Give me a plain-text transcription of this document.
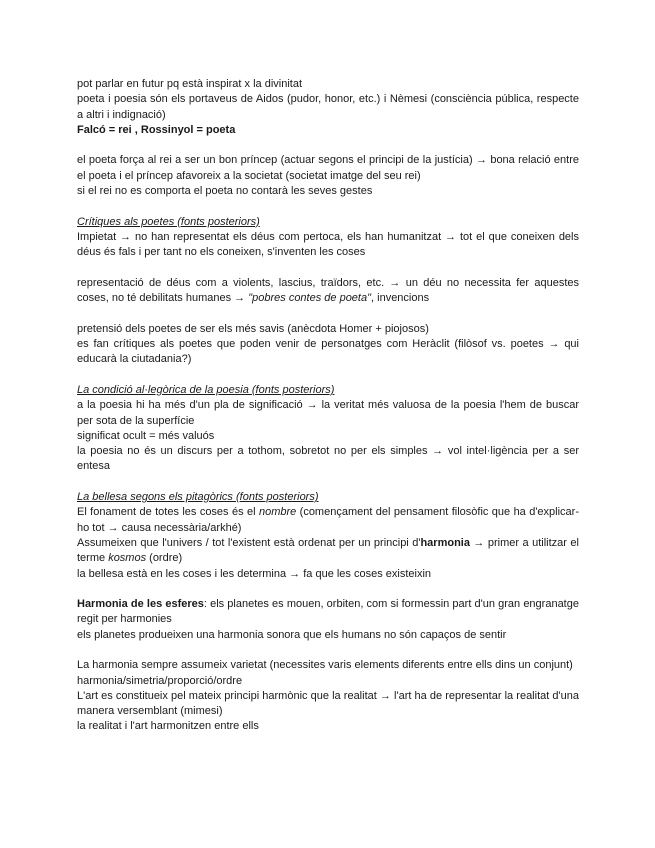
pot parlar en futur pq està inspirat x la divinitat

poeta i poesia són els portaveus de Aidos (pudor, honor, etc.) i Nèmesi (consciència pública, respecte a altri i indignació)

Falcó = rei , Rossinyol = poeta

el poeta força al rei a ser un bon príncep (actuar segons el principi de la justícia) → bona relació entre el poeta i el príncep afavoreix a la societat (societat imatge del seu rei)

si el rei no es comporta el poeta no contarà les seves gestes

Crítiques als poetes (fonts posteriors)

Impietat → no han representat els déus com pertoca, els han humanitzat → tot el que coneixen dels déus és fals i per tant no els coneixen, s'inventen les coses

representació de déus com a violents, lascius, traïdors, etc. → un déu no necessita fer aquestes coses, no té debilitats humanes → "pobres contes de poeta", invencions

pretensió dels poetes de ser els més savis (anècdota Homer + piojosos)

es fan crítiques als poetes que poden venir de personatges com Heràclit (filòsof vs. poetes → qui educarà la ciutadania?)

La condició al·legòrica de la poesia (fonts posteriors)

a la poesia hi ha més d'un pla de significació → la veritat més valuosa de la poesia l'hem de buscar per sota de la superfície

significat ocult = més valuós

la poesia no és un discurs per a tothom, sobretot no per els simples → vol intel·ligència per a ser entesa

La bellesa segons els pitagòrics (fonts posteriors)

El fonament de totes les coses és el nombre (començament del pensament filosòfic que ha d'explicar-ho tot → causa necessària/arkhé)

Assumeixen que l'univers / tot l'existent està ordenat per un principi d'harmonia → primer a utilitzar el terme kosmos (ordre)

la bellesa està en les coses i les determina → fa que les coses existeixin

Harmonia de les esferes: els planetes es mouen, orbiten, com si formessin part d'un gran engranatge regit per harmonies

els planetes produeixen una harmonia sonora que els humans no són capaços de sentir

La harmonia sempre assumeix varietat (necessites varis elements diferents entre ells dins un conjunt)

harmonia/simetria/proporció/ordre

L'art es constitueix pel mateix principi harmònic que la realitat → l'art ha de representar la realitat d'una manera versemblant (mimesi)

la realitat i l'art harmonitzen entre ells
